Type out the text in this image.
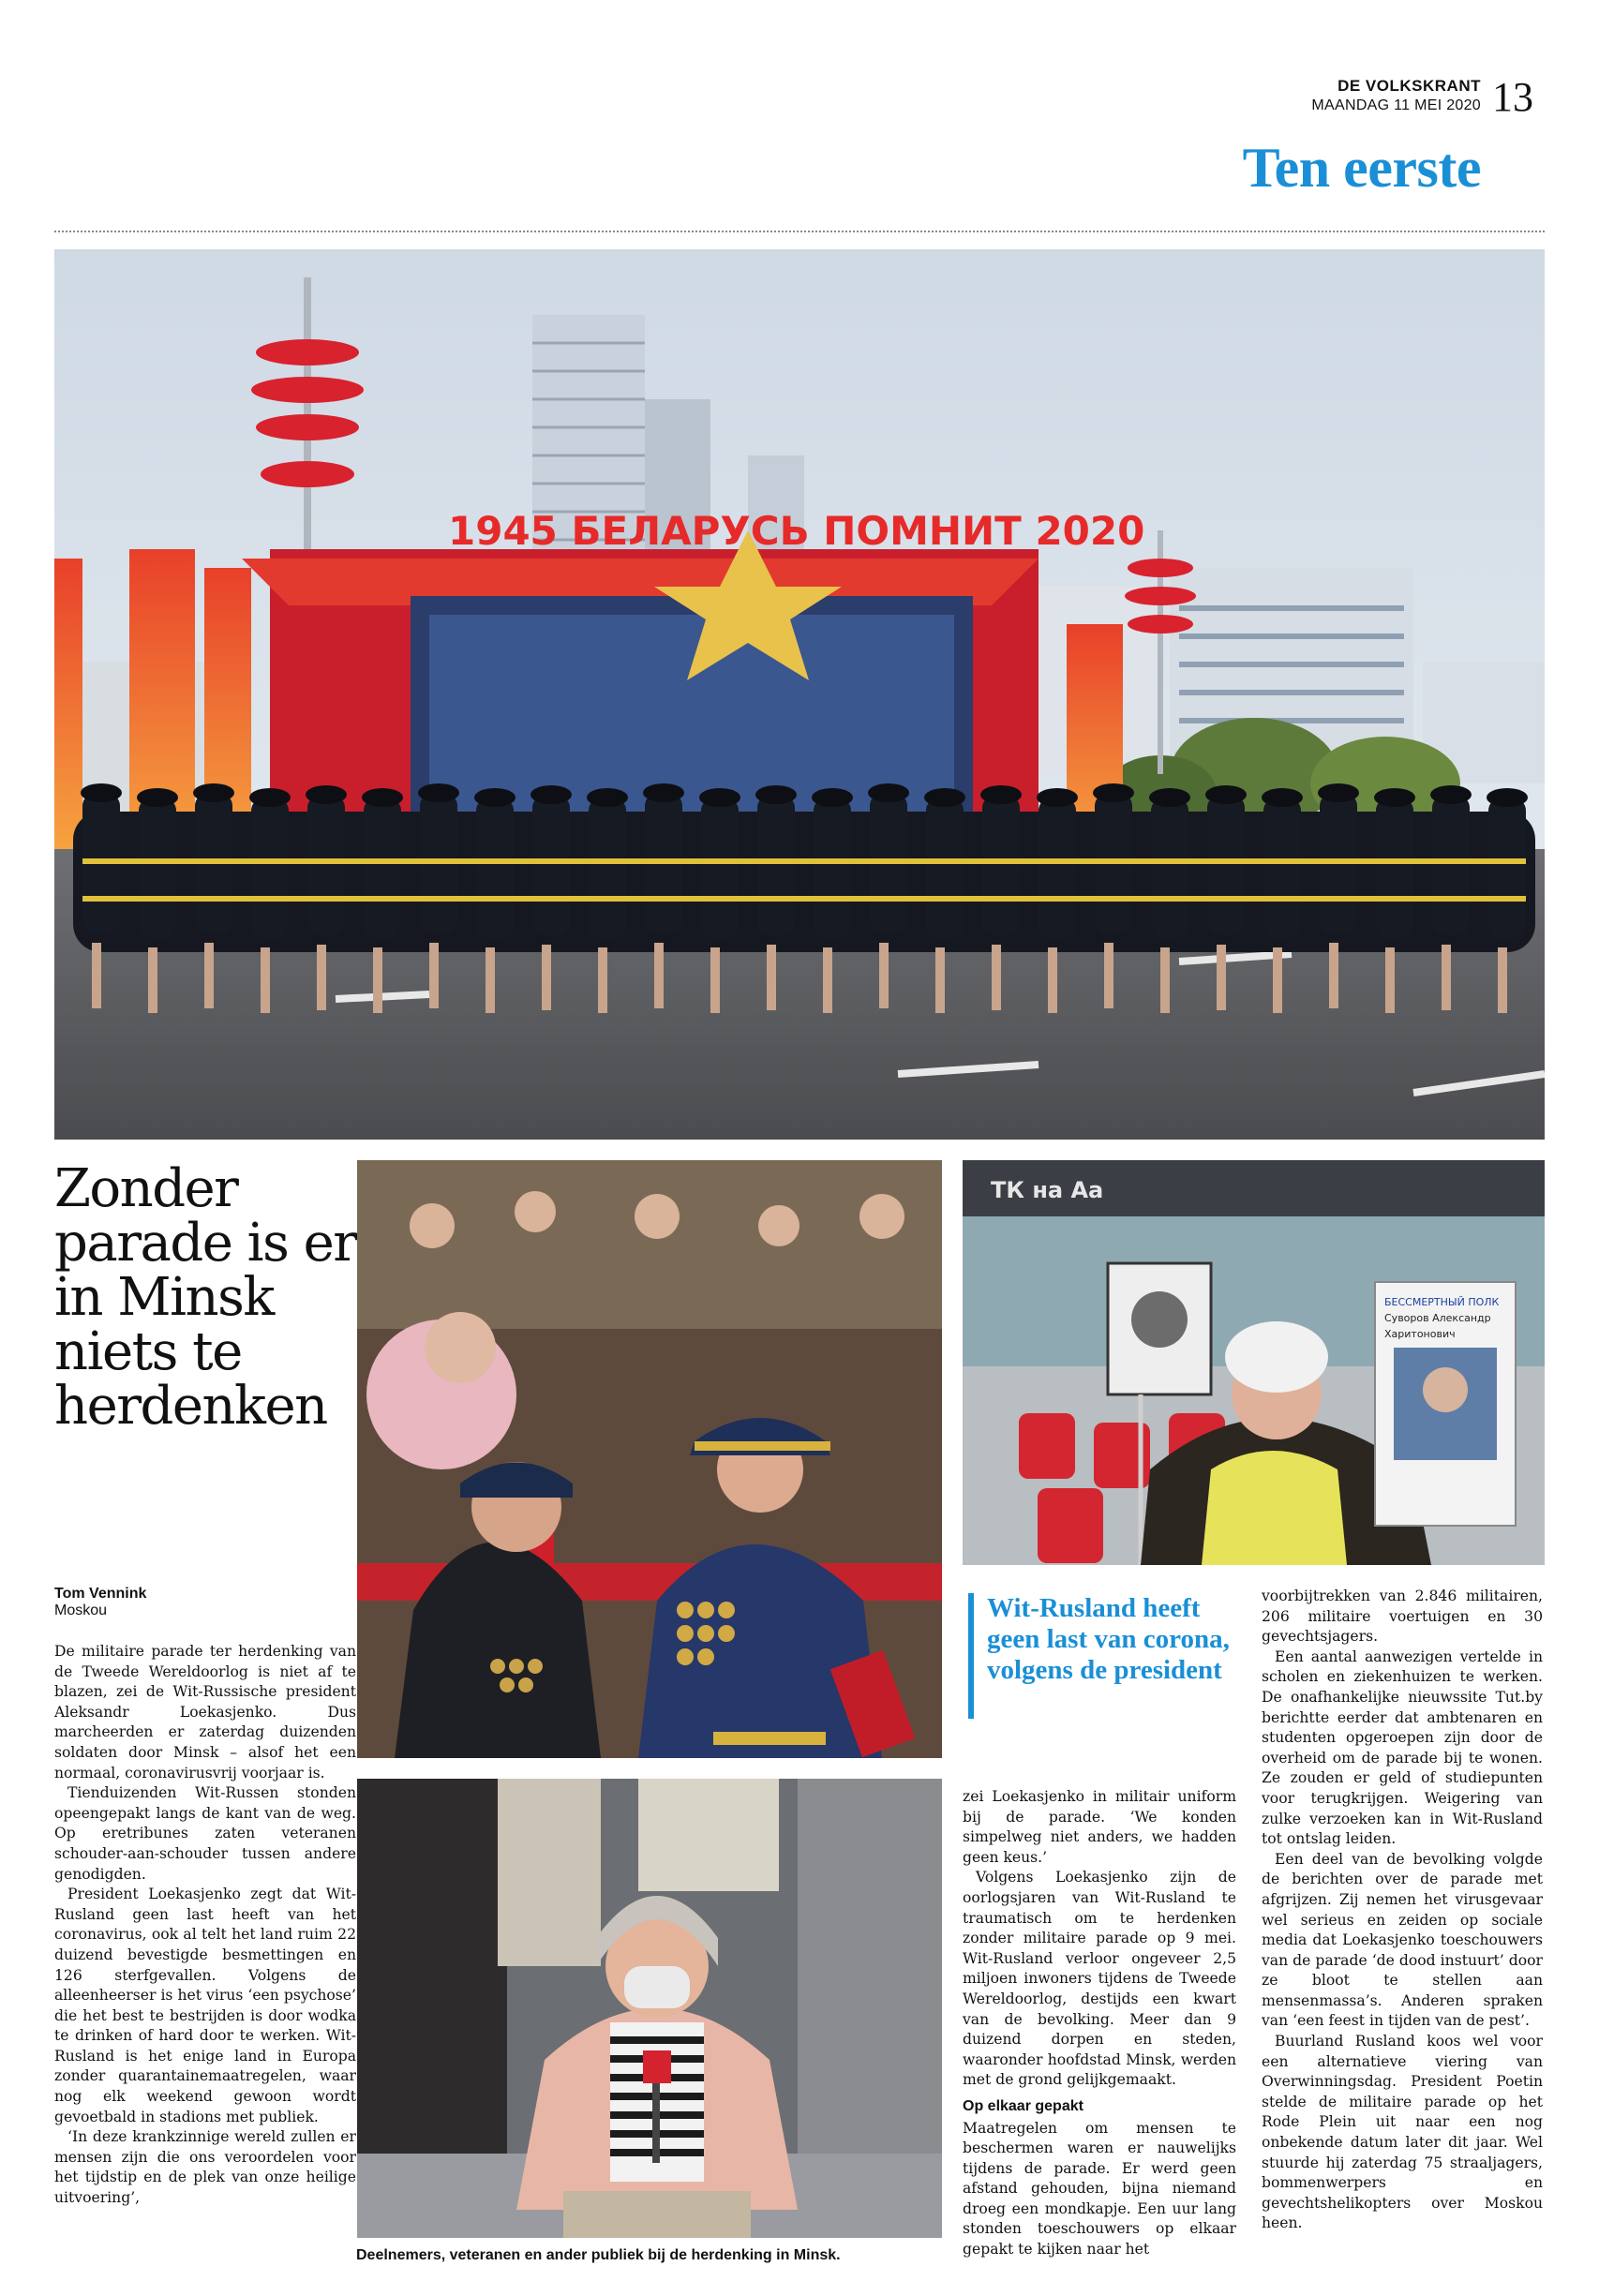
DE VOLKSKRANT
MAANDAG 11 MEI 2020 13
Ten eerste
1945 БЕЛАРУСЬ ПОМНИТ 2020
Zonder
parade is er
in Minsk
niets te
herdenken
ТК на Аа
БЕССМЕРТНЫЙ ПОЛК
Суворов Александр
Харитонович
Tom Vennink
Moskou

De militaire parade ter herdenking van de Tweede Wereldoorlog is niet af te blazen, zei de Wit-Russische president Aleksandr Loekasjenko. Dus marcheerden er zaterdag duizenden soldaten door Minsk – alsof het een normaal, coronavirusvrij voorjaar is.

Tienduizenden Wit-Russen stonden opeengepakt langs de kant van de weg. Op eretribunes zaten veteranen schouder-aan-schouder tussen andere genodigden.

President Loekasjenko zegt dat Wit-Rusland geen last heeft van het coronavirus, ook al telt het land ruim 22 duizend bevestigde besmettingen en 126 sterfgevallen. Volgens de alleenheerser is het virus ‘een psychose’ die het best te bestrijden is door wodka te drinken of hard door te werken. Wit-Rusland is het enige land in Europa zonder quarantainemaatregelen, waar nog elk weekend gewoon wordt gevoetbald in stadions met publiek.

‘In deze krankzinnige wereld zullen er mensen zijn die ons veroordelen voor het tijdstip en de plek van onze heilige uitvoering’,

Wit-Rusland heeft geen last van corona, volgens de president

zei Loekasjenko in militair uniform bij de parade. ‘We konden simpelweg niet anders, we hadden geen keus.’

Volgens Loekasjenko zijn de oorlogsjaren van Wit-Rusland te traumatisch om te herdenken zonder militaire parade op 9 mei. Wit-Rusland verloor ongeveer 2,5 miljoen inwoners tijdens de Tweede Wereldoorlog, destijds een kwart van de bevolking. Meer dan 9 duizend dorpen en steden, waaronder hoofdstad Minsk, werden met de grond gelijkgemaakt.

Op elkaar gepakt

Maatregelen om mensen te beschermen waren er nauwelijks tijdens de parade. Er werd geen afstand gehouden, bijna niemand droeg een mondkapje. Een uur lang stonden toeschouwers op elkaar gepakt te kijken naar het

voorbijtrekken van 2.846 militairen, 206 militaire voertuigen en 30 gevechtsjagers.

Een aantal aanwezigen vertelde in scholen en ziekenhuizen te werken. De onafhankelijke nieuwssite Tut.by berichtte eerder dat ambtenaren en studenten opgeroepen zijn door de overheid om de parade bij te wonen. Ze zouden er geld of studiepunten voor terugkrijgen. Weigering van zulke verzoeken kan in Wit-Rusland tot ontslag leiden.

Een deel van de bevolking volgde de berichten over de parade met afgrijzen. Zij nemen het virusgevaar wel serieus en zeiden op sociale media dat Loekasjenko toeschouwers van de parade ‘de dood instuurt’ door ze bloot te stellen aan mensenmassa’s. Anderen spraken van ‘een feest in tijden van de pest’.

Buurland Rusland koos wel voor een alternatieve viering van Overwinningsdag. President Poetin stelde de militaire parade op het Rode Plein uit naar een nog onbekende datum later dit jaar. Wel stuurde hij zaterdag 75 straaljagers, bommenwerpers en gevechtshelikopters over Moskou heen.

Deelnemers, veteranen en ander publiek bij de herdenking in Minsk.
